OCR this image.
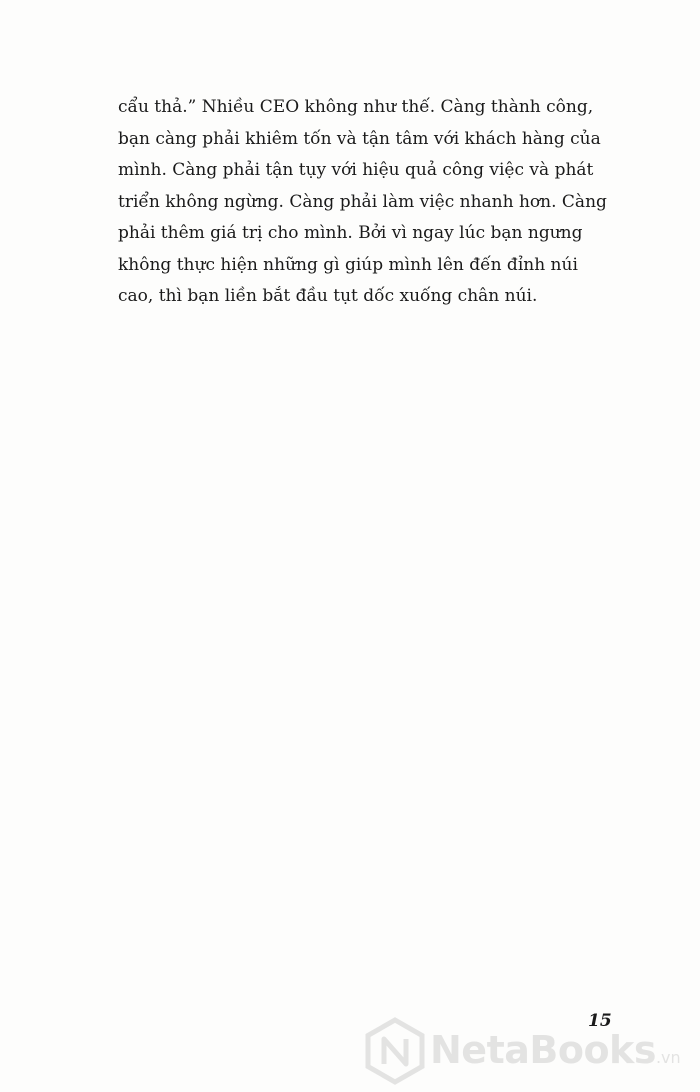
cẩu thả.” Nhiều CEO không như thế. Càng thành công,
bạn càng phải khiêm tốn và tận tâm với khách hàng của
mình. Càng phải tận tụy với hiệu quả công việc và phát
triển không ngừng. Càng phải làm việc nhanh hơn. Càng
phải thêm giá trị cho mình. Bởi vì ngay lúc bạn ngưng
không thực hiện những gì giúp mình lên đến đỉnh núi
cao, thì bạn liền bắt đầu tụt dốc xuống chân núi.
15
NetaBooks.vn
